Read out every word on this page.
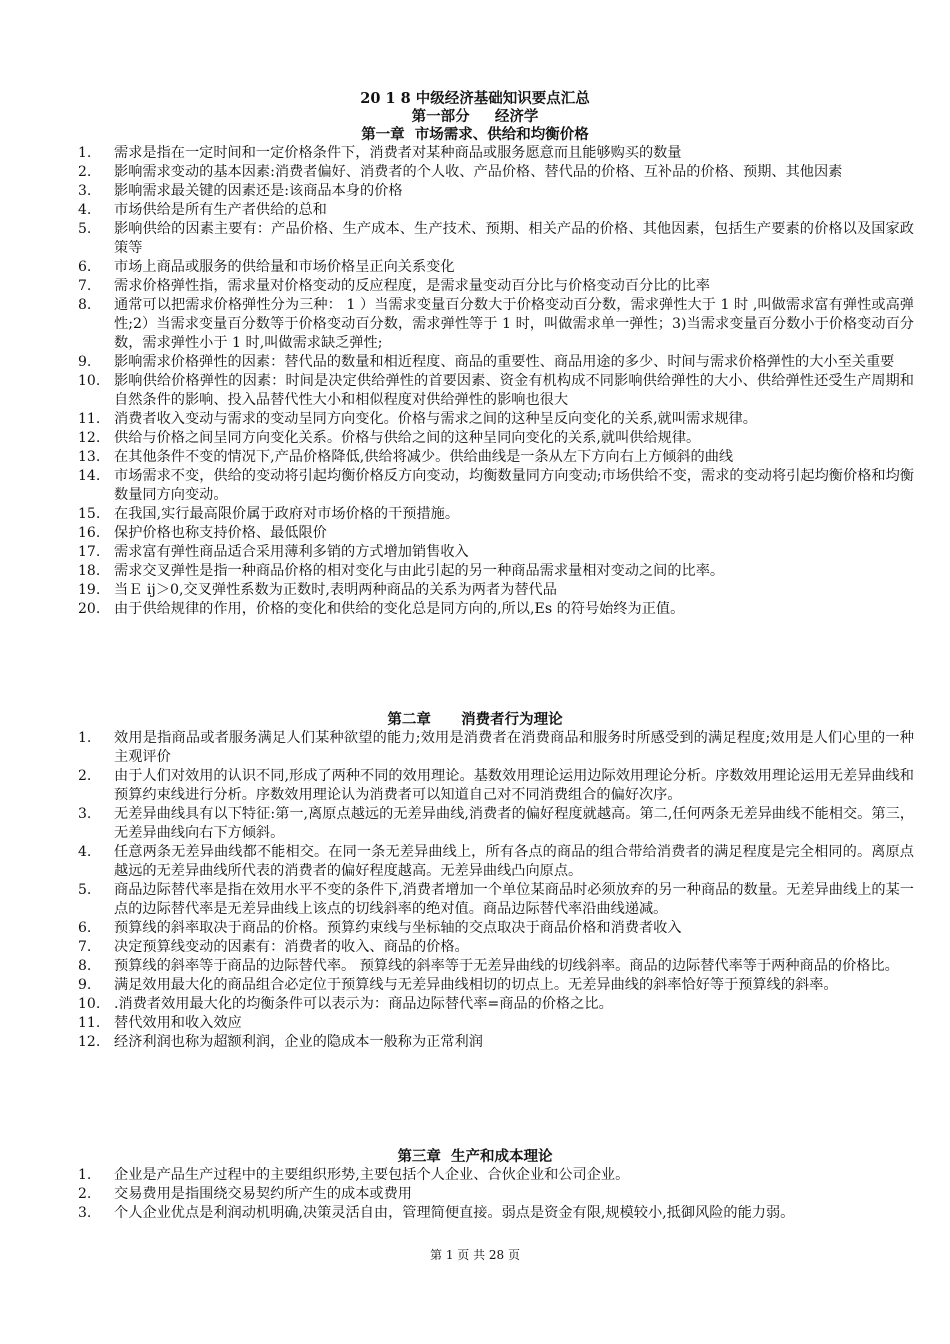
20 1 8 中级经济基础知识要点汇总
第一部分     经济学
第一章  市场需求、供给和均衡价格
1. 需求是指在一定时间和一定价格条件下，消费者对某种商品或服务愿意而且能够购买的数量
2. 影响需求变动的基本因素:消费者偏好、消费者的个人收、产品价格、替代品的价格、互补品的价格、预期、其他因素
3. 影响需求最关键的因素还是:该商品本身的价格
4. 市场供给是所有生产者供给的总和
5. 影响供给的因素主要有：产品价格、生产成本、生产技术、预期、相关产品的价格、其他因素，包括生产要素的价格以及国家政策等
6. 市场上商品或服务的供给量和市场价格呈正向关系变化
7. 需求价格弹性指，需求量对价格变动的反应程度，是需求量变动百分比与价格变动百分比的比率
8. 通常可以把需求价格弹性分为三种： 1 ）当需求变量百分数大于价格变动百分数，需求弹性大于 1 时 ,叫做需求富有弹性或高弹性;2）当需求变量百分数等于价格变动百分数，需求弹性等于 1 时，叫做需求单一弹性；3)当需求变量百分数小于价格变动百分数，需求弹性小于 1 时,叫做需求缺乏弹性;
9. 影响需求价格弹性的因素：替代品的数量和相近程度、商品的重要性、商品用途的多少、时间与需求价格弹性的大小至关重要
10. 影响供给价格弹性的因素：时间是决定供给弹性的首要因素、资金有机构成不同影响供给弹性的大小、供给弹性还受生产周期和自然条件的影响、投入品替代性大小和相似程度对供给弹性的影响也很大
11. 消费者收入变动与需求的变动呈同方向变化。价格与需求之间的这种呈反向变化的关系,就叫需求规律。
12. 供给与价格之间呈同方向变化关系。价格与供给之间的这种呈同向变化的关系,就叫供给规律。
13. 在其他条件不变的情况下,产品价格降低,供给将减少。供给曲线是一条从左下方向右上方倾斜的曲线
14. 市场需求不变，供给的变动将引起均衡价格反方向变动，均衡数量同方向变动;市场供给不变，需求的变动将引起均衡价格和均衡数量同方向变动。
15. 在我国,实行最高限价属于政府对市场价格的干预措施。
16. 保护价格也称支持价格、最低限价
17. 需求富有弹性商品适合采用薄利多销的方式增加销售收入
18. 需求交叉弹性是指一种商品价格的相对变化与由此引起的另一种商品需求量相对变动之间的比率。
19. 当Ｅ ij＞0,交叉弹性系数为正数时,表明两种商品的关系为两者为替代品
20. 由于供给规律的作用，价格的变化和供给的变化总是同方向的,所以,Es 的符号始终为正值。
第二章      消费者行为理论
1. 效用是指商品或者服务满足人们某种欲望的能力;效用是消费者在消费商品和服务时所感受到的满足程度;效用是人们心里的一种主观评价
2. 由于人们对效用的认识不同,形成了两种不同的效用理论。基数效用理论运用边际效用理论分析。序数效用理论运用无差异曲线和预算约束线进行分析。序数效用理论认为消费者可以知道自己对不同消费组合的偏好次序。
3. 无差异曲线具有以下特征:第一,离原点越远的无差异曲线,消费者的偏好程度就越高。第二,任何两条无差异曲线不能相交。第三， 无差异曲线向右下方倾斜。
4. 任意两条无差异曲线都不能相交。在同一条无差异曲线上，所有各点的商品的组合带给消费者的满足程度是完全相同的。离原点越远的无差异曲线所代表的消费者的偏好程度越高。无差异曲线凸向原点。
5. 商品边际替代率是指在效用水平不变的条件下,消费者增加一个单位某商品时必须放弃的另一种商品的数量。无差异曲线上的某一点的边际替代率是无差异曲线上该点的切线斜率的绝对值。商品边际替代率沿曲线递减。
6. 预算线的斜率取决于商品的价格。预算约束线与坐标轴的交点取决于商品价格和消费者收入
7. 决定预算线变动的因素有：消费者的收入、商品的价格。
8. 预算线的斜率等于商品的边际替代率。 预算线的斜率等于无差异曲线的切线斜率。商品的边际替代率等于两种商品的价格比。
9. 满足效用最大化的商品组合必定位于预算线与无差异曲线相切的切点上。无差异曲线的斜率恰好等于预算线的斜率。
10. .消费者效用最大化的均衡条件可以表示为：商品边际替代率=商品的价格之比。
11. 替代效用和收入效应
12. 经济利润也称为超额利润，企业的隐成本一般称为正常利润
第三章  生产和成本理论
1. 企业是产品生产过程中的主要组织形势,主要包括个人企业、合伙企业和公司企业。
2. 交易费用是指围绕交易契约所产生的成本或费用
3. 个人企业优点是利润动机明确,决策灵活自由，管理简便直接。弱点是资金有限,规模较小,抵御风险的能力弱。
第 1 页 共 28 页
